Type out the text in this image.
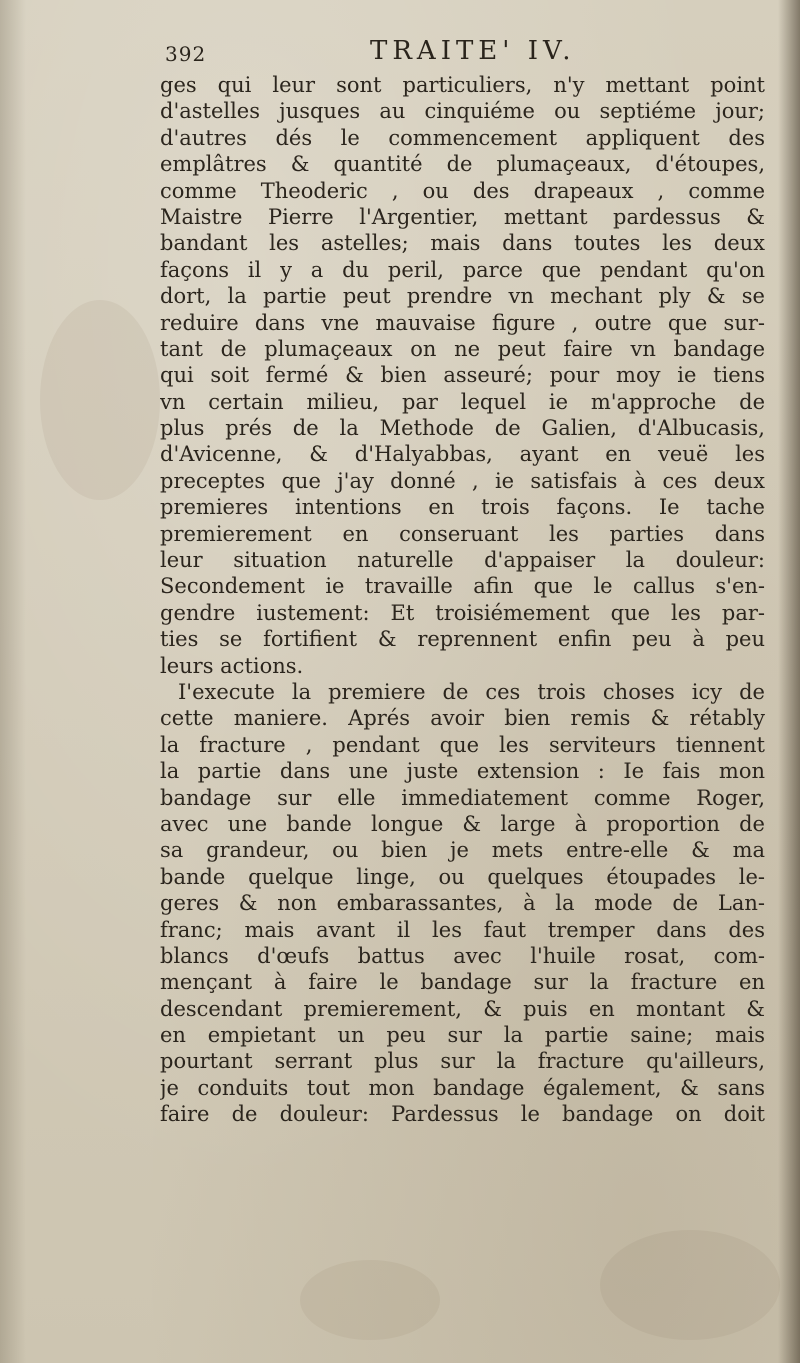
392	TRAITE' IV.
ges qui leur sont particuliers, n'y mettant point
d'astelles jusques au cinquiéme ou septiéme jour;
d'autres dés le commencement appliquent des
emplâtres & quantité de plumaçeaux, d'étoupes,
comme Theoderic , ou des drapeaux , comme
Maistre Pierre l'Argentier, mettant pardessus &
bandant les astelles; mais dans toutes les deux
façons il y a du peril, parce que pendant qu'on
dort, la partie peut prendre vn mechant ply & se
reduire dans vne mauvaise figure , outre que sur-
tant de plumaçeaux on ne peut faire vn bandage
qui soit fermé & bien asseuré; pour moy ie tiens
vn certain milieu, par lequel ie m'approche de
plus prés de la Methode de Galien, d'Albucasis,
d'Avicenne, & d'Halyabbas, ayant en veuë les
preceptes que j'ay donné , ie satisfais à ces deux
premieres intentions en trois façons. Ie tache
premierement en conseruant les parties dans
leur situation naturelle d'appaiser la douleur:
Secondement ie travaille afin que le callus s'en-
gendre iustement: Et troisiémement que les par-
ties se fortifient & reprennent enfin peu à peu
leurs actions.
I'execute la premiere de ces trois choses icy de
cette maniere. Aprés avoir bien remis & rétably
la fracture , pendant que les serviteurs tiennent
la partie dans une juste extension : Ie fais mon
bandage sur elle immediatement comme Roger,
avec une bande longue & large à proportion de
sa grandeur, ou bien je mets entre-elle & ma
bande quelque linge, ou quelques étoupades le-
geres & non embarassantes, à la mode de Lan-
franc; mais avant il les faut tremper dans des
blancs d'œufs battus avec l'huile rosat, com-
mençant à faire le bandage sur la fracture en
descendant premierement, & puis en montant &
en empietant un peu sur la partie saine; mais
pourtant serrant plus sur la fracture qu'ailleurs,
je conduits tout mon bandage également, & sans
faire de douleur: Pardessus le bandage on doit
